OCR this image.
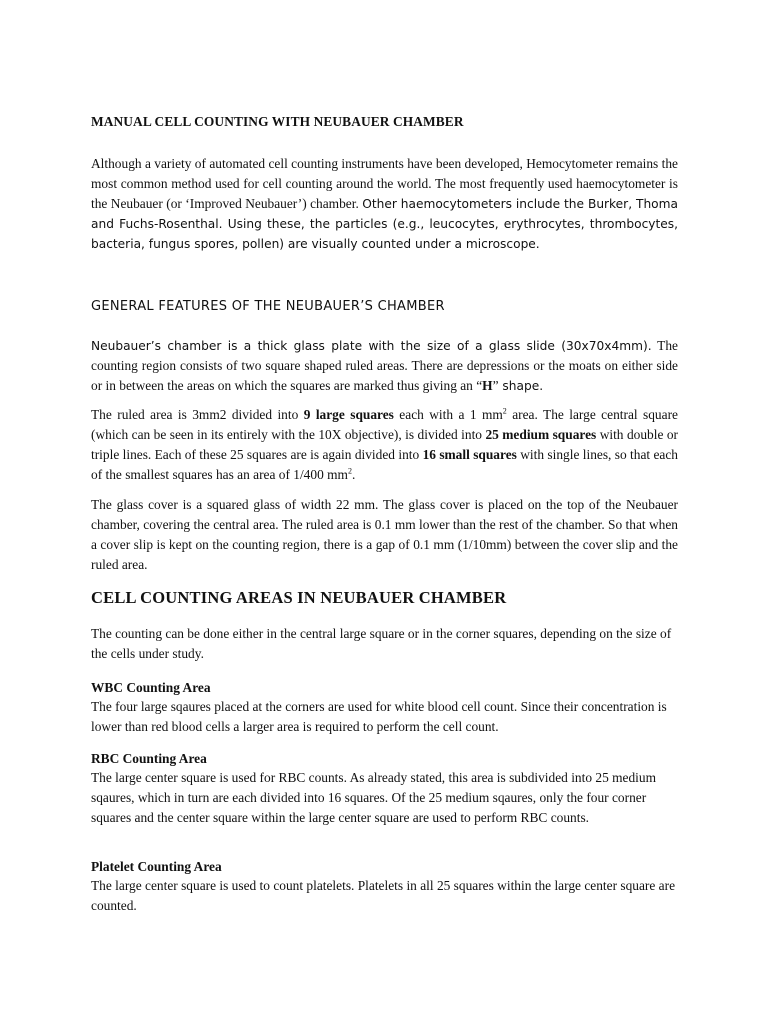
MANUAL CELL COUNTING WITH NEUBAUER CHAMBER
Although a variety of automated cell counting instruments have been developed, Hemocytometer remains the most common method used for cell counting around the world. The most frequently used haemocytometer is the Neubauer (or ‘Improved Neubauer’) chamber. Other haemocytometers include the Burker, Thoma and Fuchs-Rosenthal. Using these, the particles (e.g., leucocytes, erythrocytes, thrombocytes, bacteria, fungus spores, pollen) are visually counted under a microscope.
GENERAL FEATURES OF THE NEUBAUER’S CHAMBER
Neubauer’s chamber is a thick glass plate with the size of a glass slide (30x70x4mm). The counting region consists of two square shaped ruled areas. There are depressions or the moats on either side or in between the areas on which the squares are marked thus giving an “H” shape.
The ruled area is 3mm2 divided into 9 large squares each with a 1 $mm^2$ area. The large central square (which can be seen in its entirely with the 10X objective), is divided into 25 medium squares with double or triple lines. Each of these 25 squares are is again divided into 16 small squares with single lines, so that each of the smallest squares has an area of 1/400 $mm^2$.
The glass cover is a squared glass of width 22 mm. The glass cover is placed on the top of the Neubauer chamber, covering the central area. The ruled area is 0.1 mm lower than the rest of the chamber. So that when a cover slip is kept on the counting region, there is a gap of 0.1 mm (1/10mm) between the cover slip and the ruled area.
CELL COUNTING AREAS IN NEUBAUER CHAMBER
The counting can be done either in the central large square or in the corner squares, depending on the size of the cells under study.
WBC Counting Area
The four large sqaures placed at the corners are used for white blood cell count. Since their concentration is lower than red blood cells a larger area is required to perform the cell count.
RBC Counting Area
The large center square is used for RBC counts. As already stated, this area is subdivided into 25 medium sqaures, which in turn are each divided into 16 squares. Of the 25 medium sqaures, only the four corner squares and the center square within the large center square are used to perform RBC counts.
Platelet Counting Area
The large center square is used to count platelets. Platelets in all 25 squares within the large center square are counted.
